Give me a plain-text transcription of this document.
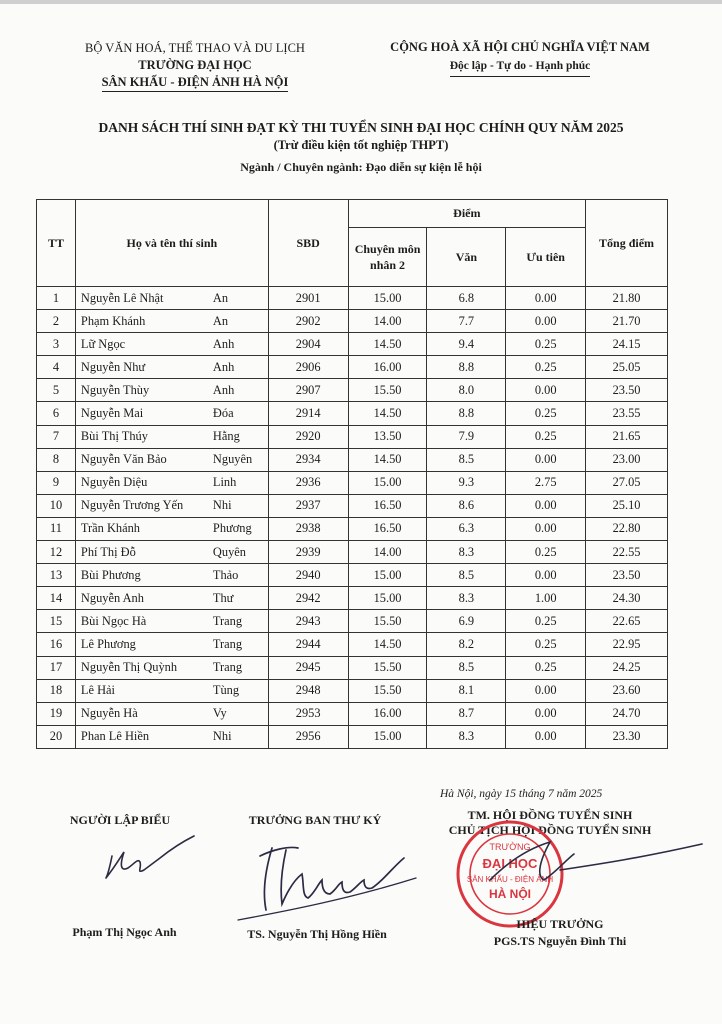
BỘ VĂN HOÁ, THỂ THAO VÀ DU LỊCH
TRƯỜNG ĐẠI HỌC
SÂN KHẤU - ĐIỆN ẢNH HÀ NỘI
CỘNG HOÀ XÃ HỘI CHỦ NGHĨA VIỆT NAM
Độc lập - Tự do - Hạnh phúc
DANH SÁCH THÍ SINH ĐẠT KỲ THI TUYỂN SINH ĐẠI HỌC CHÍNH QUY NĂM 2025
(Trừ điều kiện tốt nghiệp THPT)
Ngành / Chuyên ngành: Đạo diễn sự kiện lễ hội
TT	Họ và tên thí sinh	SBD	Điểm			Tổng điểm
			Chuyên môn nhân 2	Văn	Ưu tiên	
1	Nguyễn Lê Nhật An	2901	15.00	6.8	0.00	21.80
2	Phạm Khánh An	2902	14.00	7.7	0.00	21.70
3	Lữ Ngọc Anh	2904	14.50	9.4	0.25	24.15
4	Nguyễn Như Anh	2906	16.00	8.8	0.25	25.05
5	Nguyễn Thùy Anh	2907	15.50	8.0	0.00	23.50
6	Nguyễn Mai Đóa	2914	14.50	8.8	0.25	23.55
7	Bùi Thị Thúy Hằng	2920	13.50	7.9	0.25	21.65
8	Nguyễn Văn Bảo Nguyên	2934	14.50	8.5	0.00	23.00
9	Nguyễn Diệu Linh	2936	15.00	9.3	2.75	27.05
10	Nguyễn Trương Yến Nhi	2937	16.50	8.6	0.00	25.10
11	Trần Khánh Phương	2938	16.50	6.3	0.00	22.80
12	Phí Thị Đỗ Quyên	2939	14.00	8.3	0.25	22.55
13	Bùi Phương Thảo	2940	15.00	8.5	0.00	23.50
14	Nguyễn Anh Thư	2942	15.00	8.3	1.00	24.30
15	Bùi Ngọc Hà Trang	2943	15.50	6.9	0.25	22.65
16	Lê Phương Trang	2944	14.50	8.2	0.25	22.95
17	Nguyễn Thị Quỳnh Trang	2945	15.50	8.5	0.25	24.25
18	Lê Hải Tùng	2948	15.50	8.1	0.00	23.60
19	Nguyễn Hà Vy	2953	16.00	8.7	0.00	24.70
20	Phan Lê Hiền Nhi	2956	15.00	8.3	0.00	23.30
Hà Nội, ngày 15 tháng 7 năm 2025
NGƯỜI LẬP BIỂU	TRƯỞNG BAN THƯ KÝ	TM. HỘI ĐỒNG TUYỂN SINH
CHỦ TỊCH HỘI ĐỒNG TUYỂN SINH
TRƯỜNG
ĐẠI HỌC
SÂN KHẤU - ĐIỆN ẢNH
HÀ NỘI
Phạm Thị Ngọc Anh	TS. Nguyễn Thị Hồng Hiền
HIỆU TRƯỞNG
PGS.TS Nguyễn Đình Thi
